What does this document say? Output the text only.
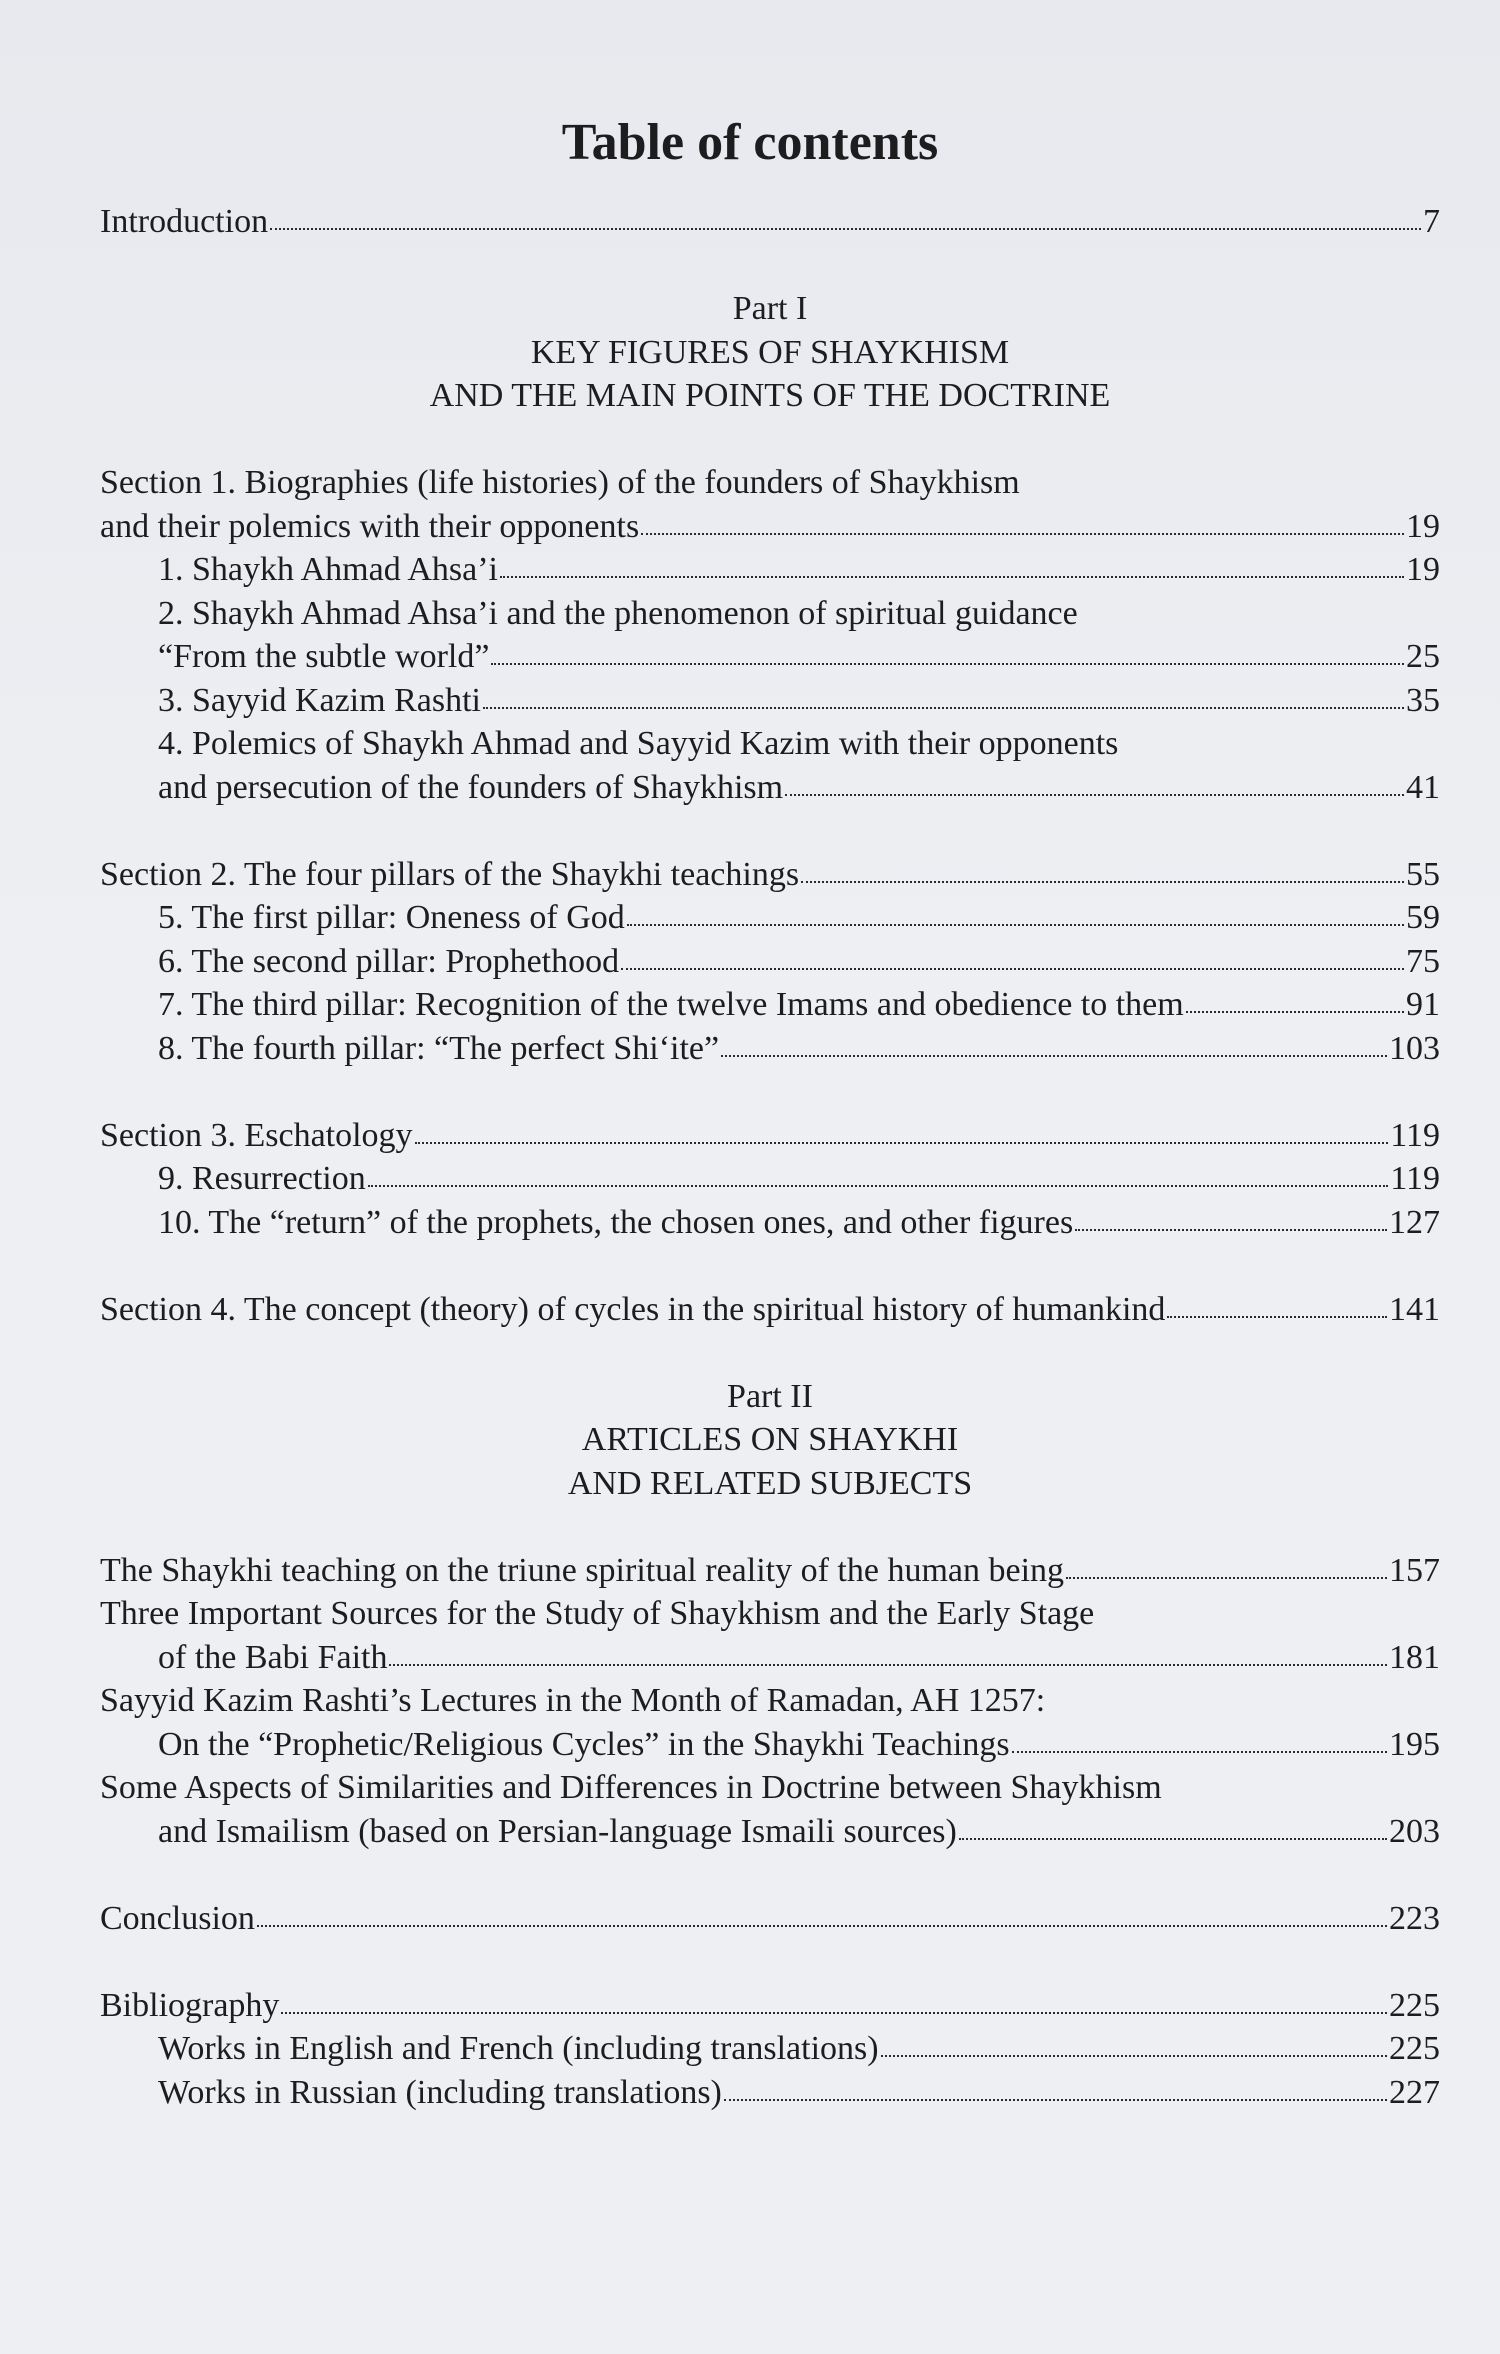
Table of contents
Introduction	7
Part I
KEY FIGURES OF SHAYKHISM
AND THE MAIN POINTS OF THE DOCTRINE
Section 1. Biographies (life histories) of the founders of Shaykhism
and their polemics with their opponents	19
1. Shaykh Ahmad Ahsa’i	19
2. Shaykh Ahmad Ahsa’i and the phenomenon of spiritual guidance
“From the subtle world”	25
3. Sayyid Kazim Rashti	35
4. Polemics of Shaykh Ahmad and Sayyid Kazim with their opponents
and persecution of the founders of Shaykhism	41
Section 2. The four pillars of the Shaykhi teachings	55
5. The first pillar: Oneness of God	59
6. The second pillar: Prophethood	75
7. The third pillar: Recognition of the twelve Imams and obedience to them	91
8. The fourth pillar: “The perfect Shi‘ite”	103
Section 3. Eschatology	119
9. Resurrection	119
10. The “return” of the prophets, the chosen ones, and other figures	127
Section 4. The concept (theory) of cycles in the spiritual history of humankind	141
Part II
ARTICLES ON SHAYKHI
AND RELATED SUBJECTS
The Shaykhi teaching on the triune spiritual reality of the human being	157
Three Important Sources for the Study of Shaykhism and the Early Stage
of the Babi Faith	181
Sayyid Kazim Rashti’s Lectures in the Month of Ramadan, AH 1257:
On the “Prophetic/Religious Cycles” in the Shaykhi Teachings	195
Some Aspects of Similarities and Differences in Doctrine between Shaykhism
and Ismailism (based on Persian-language Ismaili sources)	203
Conclusion	223
Bibliography	225
Works in English and French (including translations)	225
Works in Russian (including translations)	227
